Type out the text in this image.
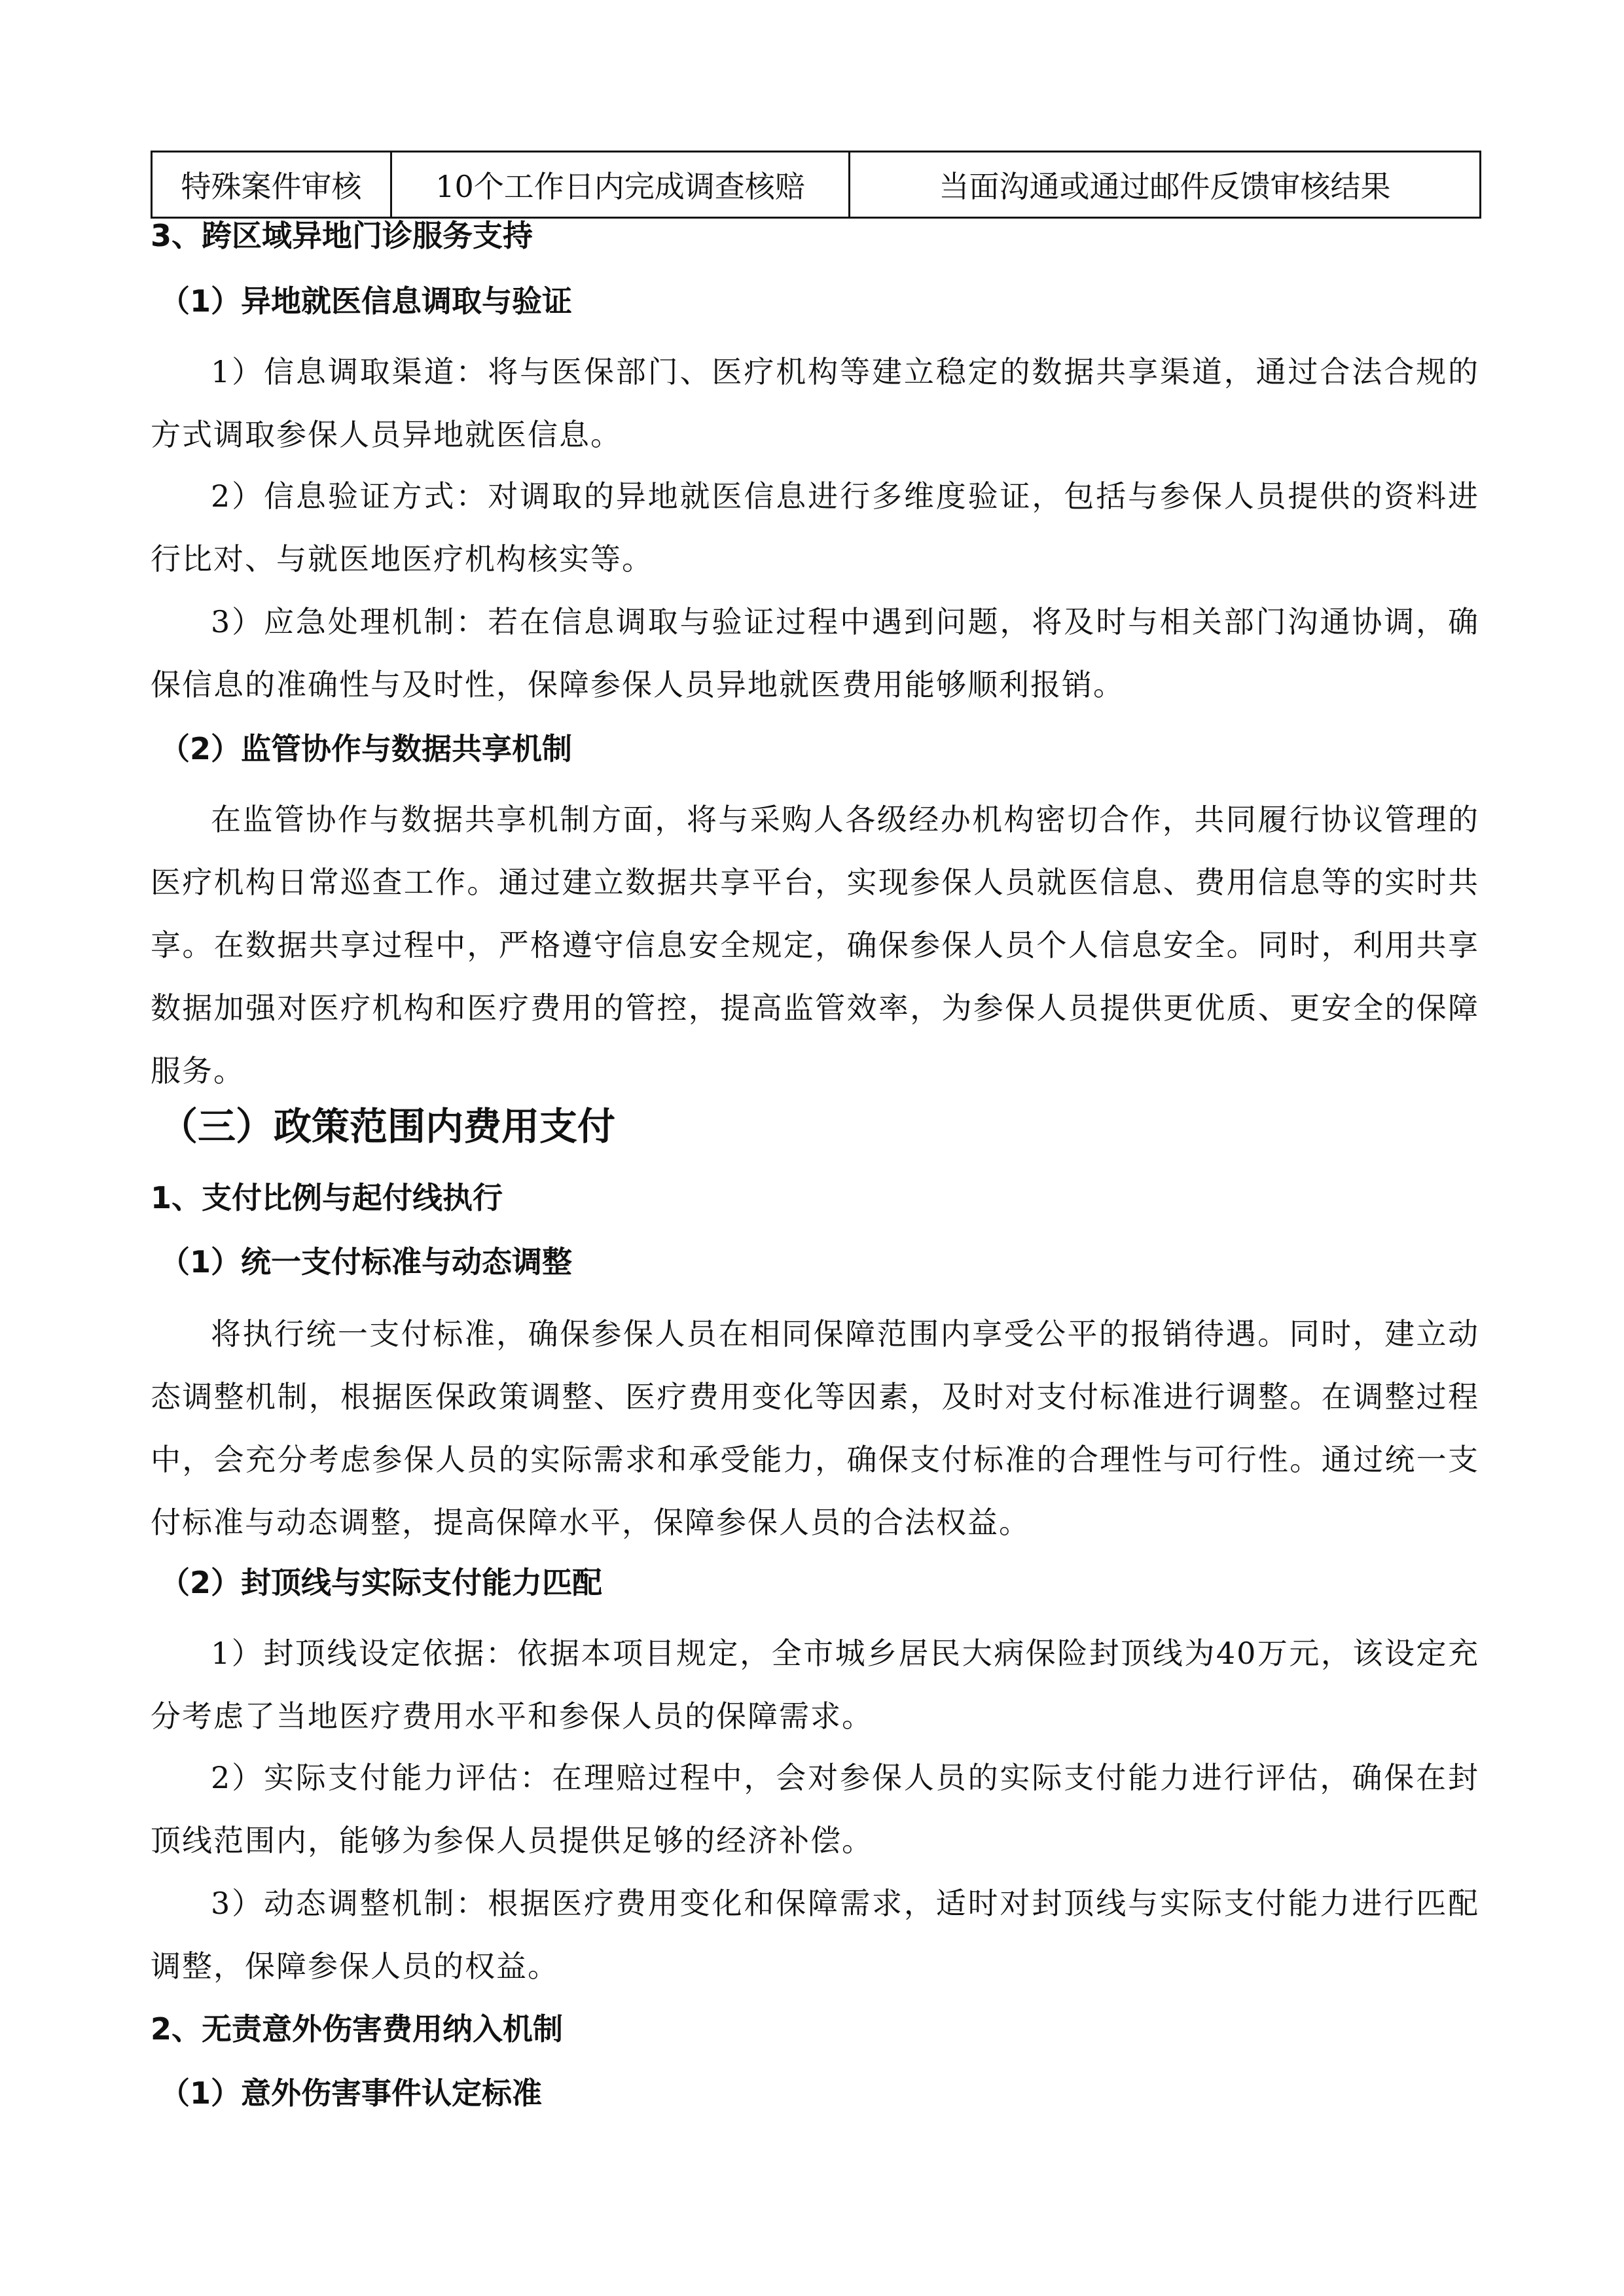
特殊案件审核	10个工作日内完成调查核赔	当面沟通或通过邮件反馈审核结果
3、跨区域异地门诊服务支持
（1）异地就医信息调取与验证

1）信息调取渠道：将与医保部门、医疗机构等建立稳定的数据共享渠道，通过合法合规的方式调取参保人员异地就医信息。

2）信息验证方式：对调取的异地就医信息进行多维度验证，包括与参保人员提供的资料进行比对、与就医地医疗机构核实等。

3）应急处理机制：若在信息调取与验证过程中遇到问题，将及时与相关部门沟通协调，确保信息的准确性与及时性，保障参保人员异地就医费用能够顺利报销。

（2）监管协作与数据共享机制

在监管协作与数据共享机制方面，将与采购人各级经办机构密切合作，共同履行协议管理的医疗机构日常巡查工作。通过建立数据共享平台，实现参保人员就医信息、费用信息等的实时共享。在数据共享过程中，严格遵守信息安全规定，确保参保人员个人信息安全。同时，利用共享数据加强对医疗机构和医疗费用的管控，提高监管效率，为参保人员提供更优质、更安全的保障服务。

（三）政策范围内费用支付
1、支付比例与起付线执行
（1）统一支付标准与动态调整

将执行统一支付标准，确保参保人员在相同保障范围内享受公平的报销待遇。同时，建立动态调整机制，根据医保政策调整、医疗费用变化等因素，及时对支付标准进行调整。在调整过程中，会充分考虑参保人员的实际需求和承受能力，确保支付标准的合理性与可行性。通过统一支付标准与动态调整，提高保障水平，保障参保人员的合法权益。

（2）封顶线与实际支付能力匹配

1）封顶线设定依据：依据本项目规定，全市城乡居民大病保险封顶线为40万元，该设定充分考虑了当地医疗费用水平和参保人员的保障需求。

2）实际支付能力评估：在理赔过程中，会对参保人员的实际支付能力进行评估，确保在封顶线范围内，能够为参保人员提供足够的经济补偿。

3）动态调整机制：根据医疗费用变化和保障需求，适时对封顶线与实际支付能力进行匹配调整，保障参保人员的权益。

2、无责意外伤害费用纳入机制
（1）意外伤害事件认定标准
